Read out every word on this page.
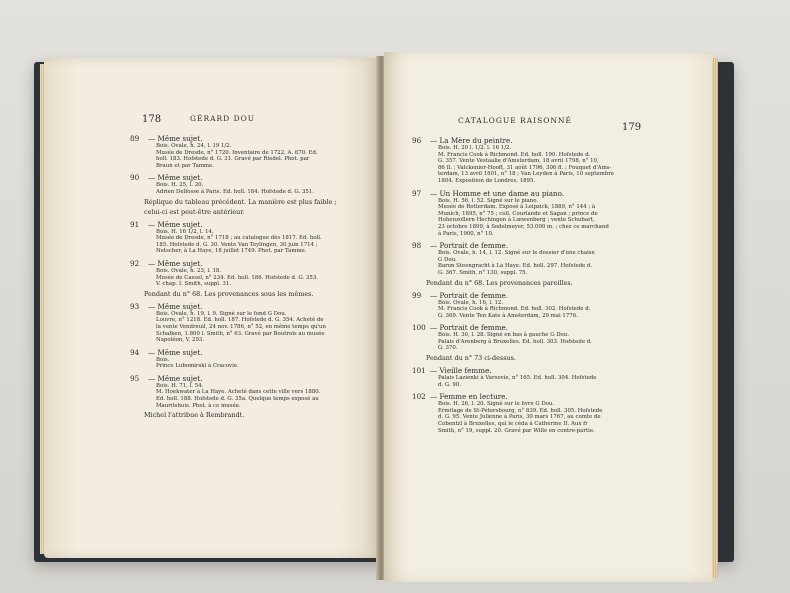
178	GÉRARD DOU
89 — Même sujet.
Bois. Ovale, h. 24, l. 19 1/2.
Musée de Dresde, n° 1720. Inventaire de 1722. A. 670. Ed.
holl. 183. Hofstede d. G. 31. Gravé par Riedel. Phot. par
Braun et par Tamme.
90 — Même sujet.
Bois. H. 25, l. 20.
Adrien Delfosse à Paris. Ed. holl. 184. Hofstede d. G. 351.
Réplique du tableau précédent. La manière est plus faible ;
celui-ci est peut-être antérieur.
91 — Même sujet.
Bois. H. 16 1/2, l. 14.
Musée de Dresde, n° 1718 ; au catalogue dès 1817. Ed. holl.
185. Hofstede d. G. 30. Vente Van Teylingen, 30 juin 1714 ;
Netscher, à La Haye, 18 juillet 1749. Phot. par Tamme.
92 — Même sujet.
Bois. Ovale, h. 23, l. 18.
Musée de Cassel, n° 234. Ed. holl. 186. Hofstede d. G. 353.
V. chap. I. Smith, suppl. 31.
Pendant du n° 68. Les provenances sous les mêmes.
93 — Même sujet.
Bois. Ovale, h. 19, l. 9. Signé sur le fond G Dou.
Louvre, n° 1218. Ed. holl. 187. Hofstede d. G. 354. Acheté de
la vente Vendreuil, 24 nov. 1786, n° 52, en même temps qu'un
Schalken, 1.800 l. Smith, n° 63. Gravé par Boutrois au musée
Napoléon, V, 293.
94 — Même sujet.
Bois.
Prince Lubomirski à Cracovie.
95 — Même sujet.
Bois. H. 71, l. 54.
M. Hoekwater à La Haye. Acheté dans cette ville vers 1880.
Ed. holl. 188. Hofstede d. G. 35a. Quelque temps exposé au
Mauritshuis. Phot. à ce musée.
Michel l'attribue à Rembrandt.
CATALOGUE RAISONNÉ
179
96 — La Mère du peintre.
Bois. H. 20 l. 1/2. l. 16 1/2.
M. Francis Cook à Richmond. Ed. holl. 190. Hofstede d.
G. 357. Vente Vestaalie d'Amsterdam, 18 avril 1798, n° 10,
86 fl. ; Valckenier-Hooft, 31 août 1796, 306 fl. ; Fouquet d'Ams-
terdam, 13 avril 1801, n° 18 ; Van Leyden à Paris, 10 septembre
1804. Exposition de Londres, 1895.
97 — Un Homme et une dame au piano.
Bois. H. 56, l. 52. Signé sur le piano.
Musée de Rotterdam. Exposé à Leipzick, 1889, n° 144 ; à
Munich, 1895, n° 75 ; coll. Courlande et Sagan ; prince de
Hohenzollern Hechingen à Lœwenberg ; vente Schubart,
23 octobre 1899, à Sedelmeyer, 53.000 m. ; chez ce marchand
à Paris, 1900, n° 10.
98 — Portrait de femme.
Bois. Ovale, h. 14, l. 12. Signé sur le dossier d'une chaise
G Dou.
Baron Steengracht à La Haye. Ed. holl. 297. Hofstede d.
G. 367. Smith, n° 130, suppl. 75.
Pendant du n° 68. Les provenances pareilles.
99 — Portrait de femme.
Bois. Ovale, h. 16, l. 12.
M. Francis Cook à Richmond. Ed. holl. 302. Hofstede d.
G. 369. Vente Ten Kate à Amsterdam, 29 mai 1776.
100 — Portrait de femme.
Bois. H. 30, l. 28. Signé en bas à gauche G Dou.
Palais d'Arenberg à Bruxelles. Ed. holl. 303. Hofstede d.
G. 370.
Pendant du n° 73 ci-dessus.
101 — Vieille femme.
Palais Lazienki à Varsovie, n° 165. Ed. holl. 304. Hofstede
d. G. 90.
102 — Femme en lecture.
Bois. H. 26, l. 20. Signé sur le livre G Dou.
Ermitage de St-Pétersbourg, n° 839. Ed. holl. 305. Hofstede
d. G. 95. Vente Julienne à Paris, 30 mars 1767, au comte de
Cobentzl à Bruxelles, qui le céda à Catherine II. Aux fr
Smith, n° 19, suppl. 20. Gravé par Wille en contre-partie.
